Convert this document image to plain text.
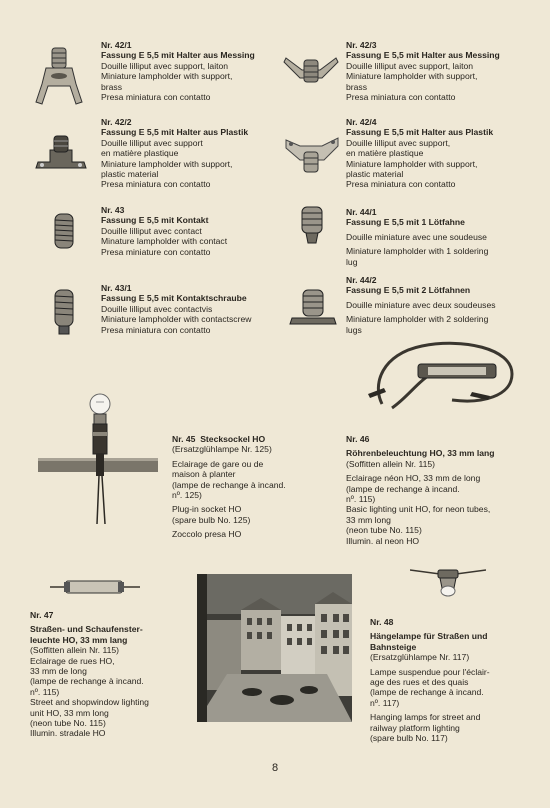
Nr. 42/1
Fassung E 5,5 mit Halter aus Messing
Douille lilliput avec support, laiton
Miniature lampholder with support,
brass
Presa miniatura con contatto
Nr. 42/3
Fassung E 5,5 mit Halter aus Messing
Douille lilliput avec support, laiton
Miniature lampholder with support,
brass
Presa miniatura con contatto
Nr. 42/2
Fassung E 5,5 mit Halter aus Plastik
Douille lilliput avec support
en matière plastique
Miniature lampholder with support,
plastic material
Presa miniatura con contatto
Nr. 42/4
Fassung E 5,5 mit Halter aus Plastik
Douille lilliput avec support,
en matière plastique
Miniature lampholder with support,
plastic material
Presa miniatura con contatto
Nr. 43
Fassung E 5,5 mit Kontakt
Douille lilliput avec contact
Minature lampholder with contact
Presa miniature con contatto
Nr. 44/1
Fassung E 5,5 mit 1 Lötfahne
Douille miniature avec une soudeuse
Miniature lampholder with 1 soldering
lug
Nr. 43/1
Fassung E 5,5 mit Kontaktschraube
Douille lilliput avec contactvis
Miniature lampholder with contactscrew
Presa miniatura con contatto
Nr. 44/2
Fassung E 5,5 mit 2 Lötfahnen
Douille miniature avec deux soudeuses
Miniature lampholder with 2 soldering
lugs
Nr. 45 Stecksockel HO
(Ersatzglühlampe Nr. 125)
Eclairage de gare ou de
maison à planter
(lampe de rechange à incand.
nº. 125)
Plug-in socket HO
(spare bulb No. 125)
Zoccolo presa HO
Nr. 46
Röhrenbeleuchtung HO, 33 mm lang
(Soffitten allein Nr. 115)
Eclairage néon HO, 33 mm de long
(lampe de rechange à incand.
nº. 115)
Basic lighting unit HO, for neon tubes,
33 mm long
(neon tube No. 115)
Illumin. al neon HO
Nr. 47
Straßen- und Schaufenster-
leuchte HO, 33 mm lang
(Soffitten allein Nr. 115)
Eclairage de rues HO,
33 mm de long
(lampe de rechange à incand.
nº. 115)
Street and shopwindow lighting
unit HO, 33 mm long
(neon tube No. 115)
Illumin. stradale HO
Nr. 48
Hängelampe für Straßen und
Bahnsteige
(Ersatzglühlampe Nr. 117)
Lampe suspendue pour l'éclair-
age des rues et des quais
(lampe de rechange à incand.
nº. 117)
Hanging lamps for street and
railway platform lighting
(spare bulb No. 117)
8
